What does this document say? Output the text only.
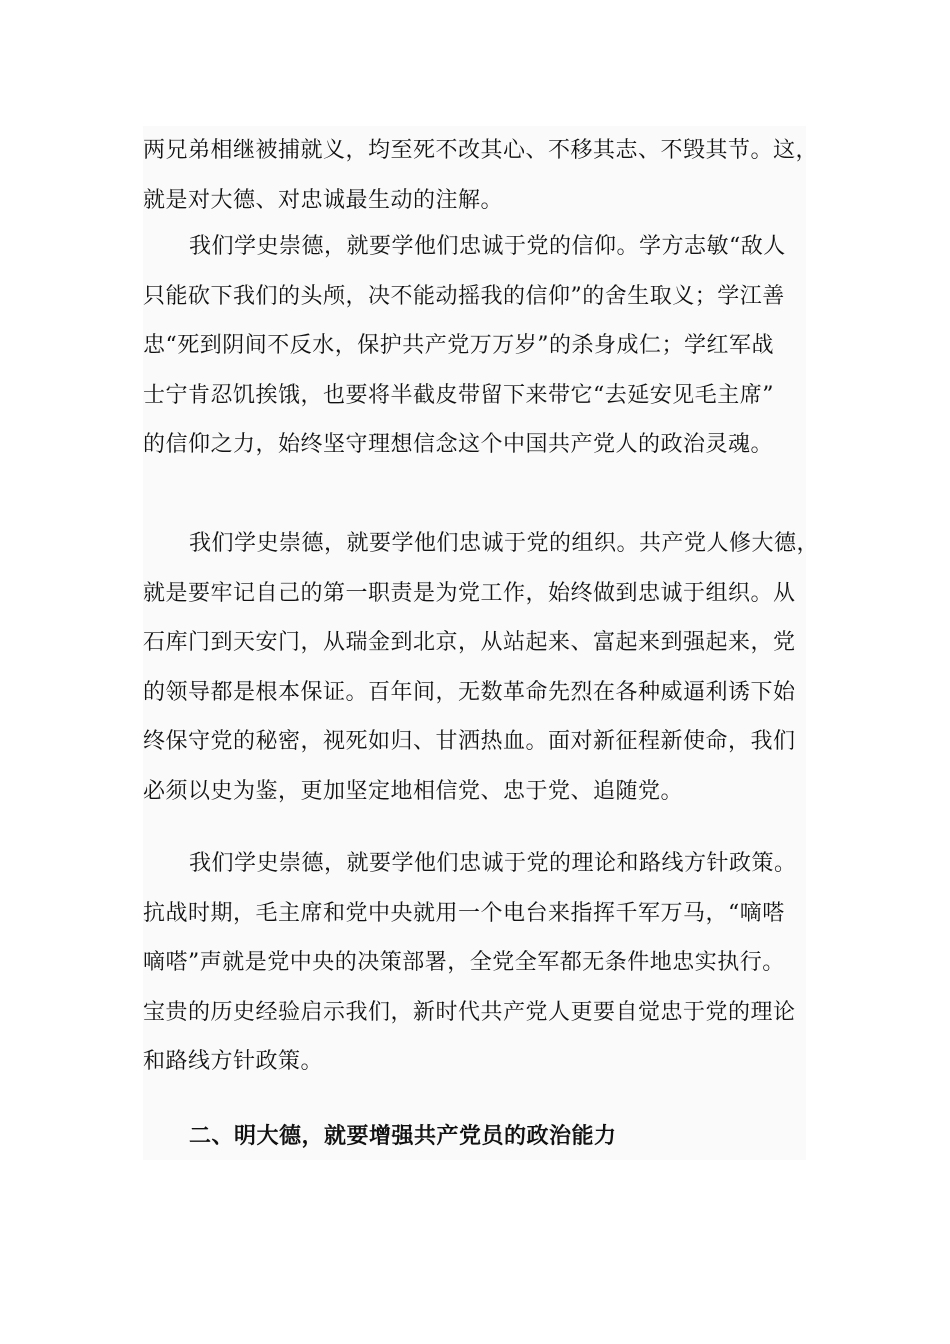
两兄弟相继被捕就义，均至死不改其心、不移其志、不毁其节。这，
就是对大德、对忠诚最生动的注解。
我们学史崇德，就要学他们忠诚于党的信仰。学方志敏“敌人
只能砍下我们的头颅，决不能动摇我的信仰”的舍生取义；学江善
忠“死到阴间不反水，保护共产党万万岁”的杀身成仁；学红军战
士宁肯忍饥挨饿，也要将半截皮带留下来带它“去延安见毛主席”
的信仰之力，始终坚守理想信念这个中国共产党人的政治灵魂。
我们学史崇德，就要学他们忠诚于党的组织。共产党人修大德，
就是要牢记自己的第一职责是为党工作，始终做到忠诚于组织。从
石库门到天安门，从瑞金到北京，从站起来、富起来到强起来，党
的领导都是根本保证。百年间，无数革命先烈在各种威逼利诱下始
终保守党的秘密，视死如归、甘洒热血。面对新征程新使命，我们
必须以史为鉴，更加坚定地相信党、忠于党、追随党。
我们学史崇德，就要学他们忠诚于党的理论和路线方针政策。
抗战时期，毛主席和党中央就用一个电台来指挥千军万马，“嘀嗒
嘀嗒”声就是党中央的决策部署，全党全军都无条件地忠实执行。
宝贵的历史经验启示我们，新时代共产党人更要自觉忠于党的理论
和路线方针政策。
二、明大德，就要增强共产党员的政治能力
